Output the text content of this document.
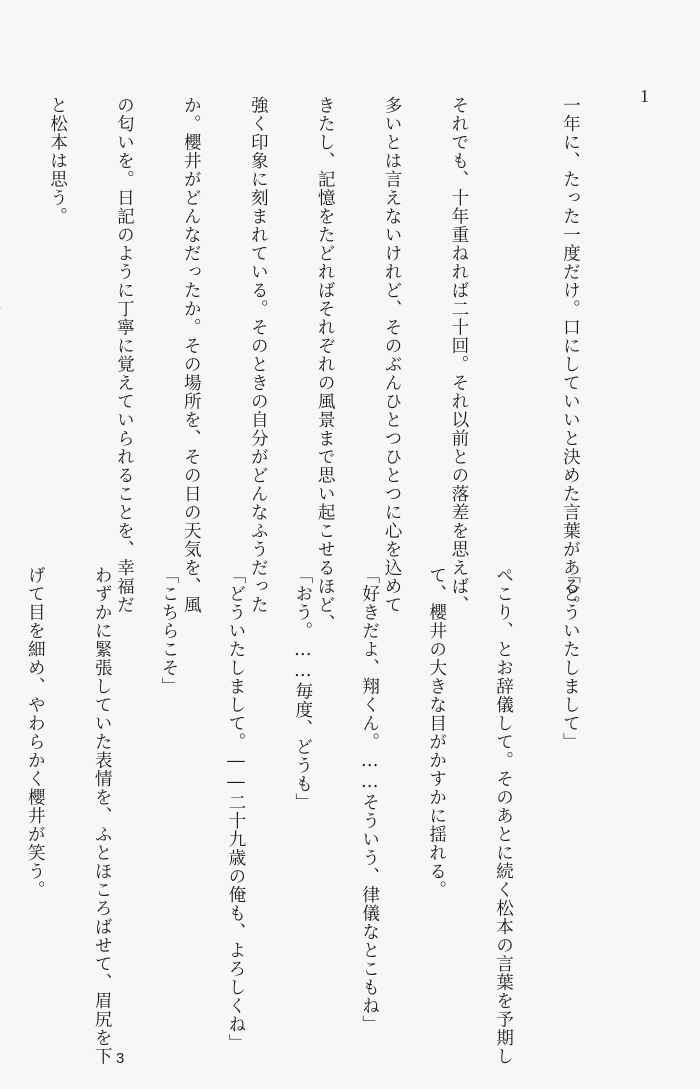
1

一年に、たった一度だけ。口にしていいと決めた言葉がある。

それでも、十年重ねれば二十回。それ以前との落差を思えば、

多いとは言えないけれど、そのぶんひとつひとつに心を込めて

きたし、記憶をたどればそれぞれの風景まで思い起こせるほど、

強く印象に刻まれている。そのときの自分がどんなふうだった

か。櫻井がどんなだったか。その場所を、その日の天気を、風

の匂いを。日記のように丁寧に覚えていられることを、幸福だ

と松本は思う。

「どういたしまして」

ぺこり、とお辞儀して。そのあとに続く松本の言葉を予期し

て、櫻井の大きな目がかすかに揺れる。

「好きだよ、翔くん。……そういう、律儀なとこもね」

「おう。……毎度、どうも」

「どういたしまして。――二十九歳の俺も、よろしくね」

「こちらこそ」

わずかに緊張していた表情を、ふとほころばせて、眉尻を下

げて目を細め、やわらかく櫻井が笑う。

3
